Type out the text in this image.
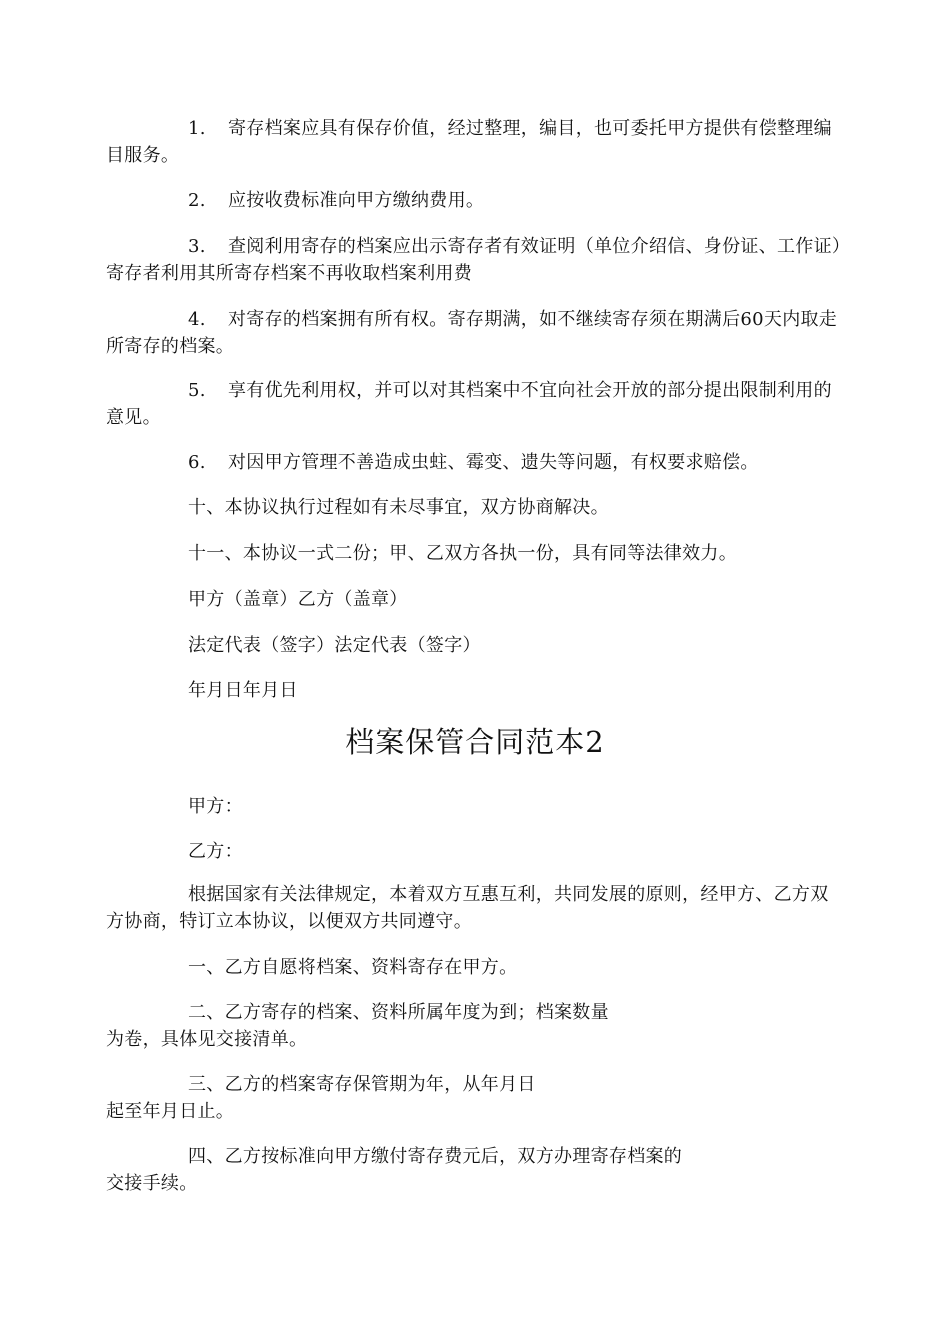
1. 寄存档案应具有保存价值，经过整理，编目，也可委托甲方提供有偿整理编目服务。

2. 应按收费标准向甲方缴纳费用。

3. 查阅利用寄存的档案应出示寄存者有效证明（单位介绍信、身份证、工作证）寄存者利用其所寄存档案不再收取档案利用费

4. 对寄存的档案拥有所有权。寄存期满，如不继续寄存须在期满后60天内取走所寄存的档案。

5. 享有优先利用权，并可以对其档案中不宜向社会开放的部分提出限制利用的意见。

6. 对因甲方管理不善造成虫蛀、霉变、遗失等问题，有权要求赔偿。

十、本协议执行过程如有未尽事宜，双方协商解决。

十一、本协议一式二份；甲、乙双方各执一份，具有同等法律效力。

甲方（盖章）乙方（盖章）

法定代表（签字）法定代表（签字）

年月日年月日

档案保管合同范本2

甲方：

乙方：

根据国家有关法律规定，本着双方互惠互利，共同发展的原则，经甲方、乙方双方协商，特订立本协议，以便双方共同遵守。

一、乙方自愿将档案、资料寄存在甲方。

二、乙方寄存的档案、资料所属年度为到；档案数量

为卷，具体见交接清单。

三、乙方的档案寄存保管期为年，从年月日

起至年月日止。

四、乙方按标准向甲方缴付寄存费元后，双方办理寄存档案的

交接手续。
